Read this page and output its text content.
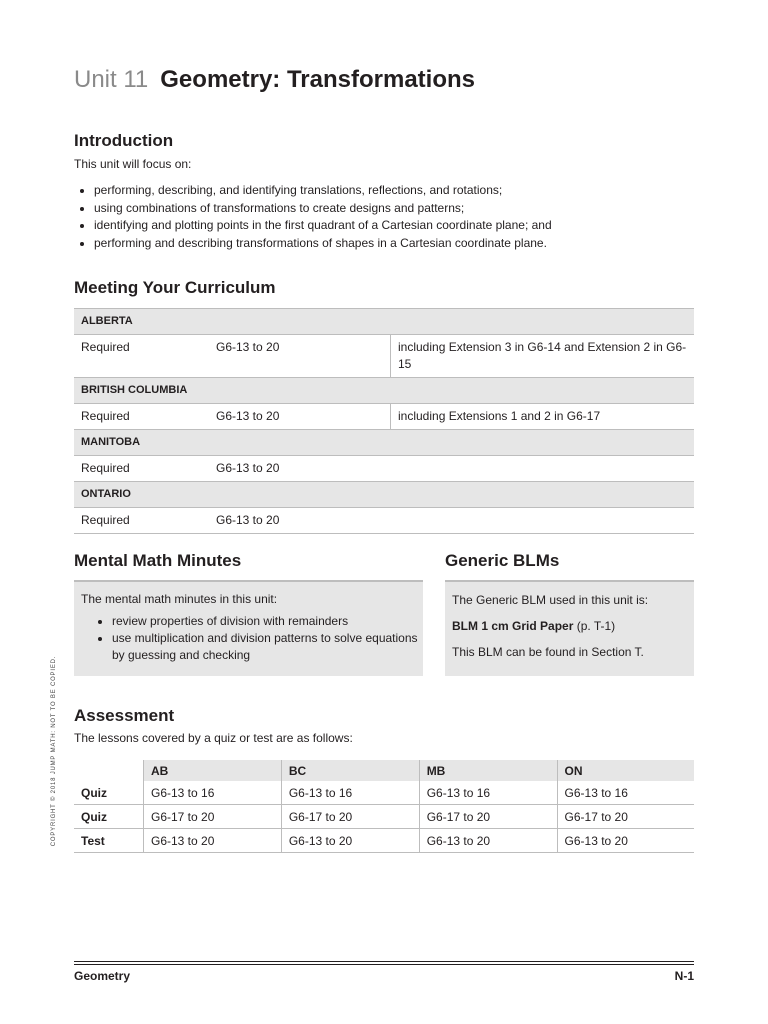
Unit 11 Geometry: Transformations
Introduction

This unit will focus on:

• performing, describing, and identifying translations, reflections, and rotations;
• using combinations of transformations to create designs and patterns;
• identifying and plotting points in the first quadrant of a Cartesian coordinate plane; and
• performing and describing transformations of shapes in a Cartesian coordinate plane.
Meeting Your Curriculum
ALBERTA		
Required	G6-13 to 20	including Extension 3 in G6-14 and Extension 2 in G6-15
BRITISH COLUMBIA		
Required	G6-13 to 20	including Extensions 1 and 2 in G6-17
MANITOBA		
Required	G6-13 to 20	
ONTARIO		
Required	G6-13 to 20	
Mental Math Minutes

The mental math minutes in this unit:

• review properties of division with remainders
• use multiplication and division patterns to solve equations by guessing and checking
Generic BLMs

The Generic BLM used in this unit is:

BLM 1 cm Grid Paper (p. T-1)

This BLM can be found in Section T.

Assessment

The lessons covered by a quiz or test are as follows:

	AB	BC	MB	ON
Quiz	G6-13 to 16	G6-13 to 16	G6-13 to 16	G6-13 to 16
Quiz	G6-17 to 20	G6-17 to 20	G6-17 to 20	G6-17 to 20
Test	G6-13 to 20	G6-13 to 20	G6-13 to 20	G6-13 to 20
COPYRIGHT © 2018 JUMP MATH: NOT TO BE COPIED.
Geometry	N-1
